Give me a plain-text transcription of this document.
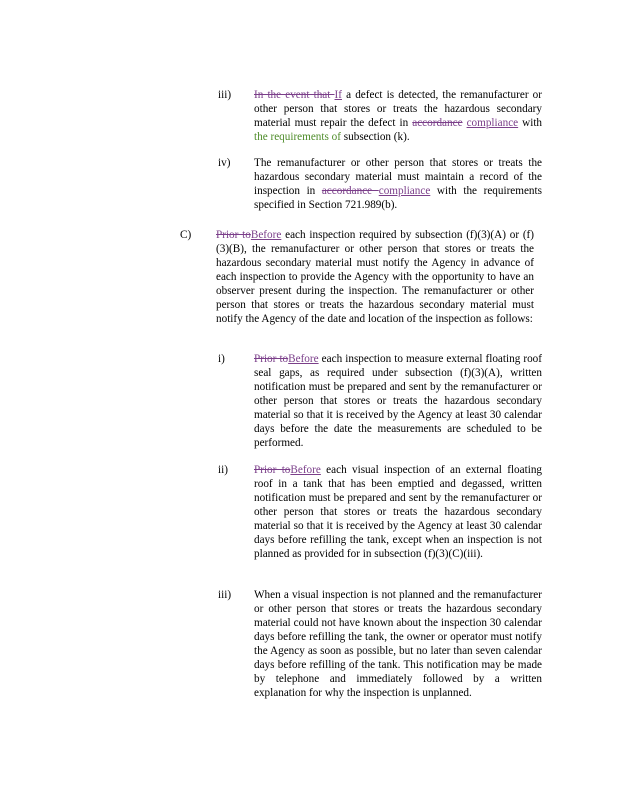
iii)	In the event that If a defect is detected, the remanufacturer or other person that stores or treats the hazardous secondary material must repair the defect in accordance compliance with the requirements of subsection (k).
iv)	The remanufacturer or other person that stores or treats the hazardous secondary material must maintain a record of the inspection in accordance compliance with the requirements specified in Section 721.989(b).
C)	Prior toBefore each inspection required by subsection (f)(3)(A) or (f)(3)(B), the remanufacturer or other person that stores or treats the hazardous secondary material must notify the Agency in advance of each inspection to provide the Agency with the opportunity to have an observer present during the inspection. The remanufacturer or other person that stores or treats the hazardous secondary material must notify the Agency of the date and location of the inspection as follows:
i)	Prior toBefore each inspection to measure external floating roof seal gaps, as required under subsection (f)(3)(A), written notification must be prepared and sent by the remanufacturer or other person that stores or treats the hazardous secondary material so that it is received by the Agency at least 30 calendar days before the date the measurements are scheduled to be performed.
ii)	Prior toBefore each visual inspection of an external floating roof in a tank that has been emptied and degassed, written notification must be prepared and sent by the remanufacturer or other person that stores or treats the hazardous secondary material so that it is received by the Agency at least 30 calendar days before refilling the tank, except when an inspection is not planned as provided for in subsection (f)(3)(C)(iii).
iii)	When a visual inspection is not planned and the remanufacturer or other person that stores or treats the hazardous secondary material could not have known about the inspection 30 calendar days before refilling the tank, the owner or operator must notify the Agency as soon as possible, but no later than seven calendar days before refilling of the tank. This notification may be made by telephone and immediately followed by a written explanation for why the inspection is unplanned.
